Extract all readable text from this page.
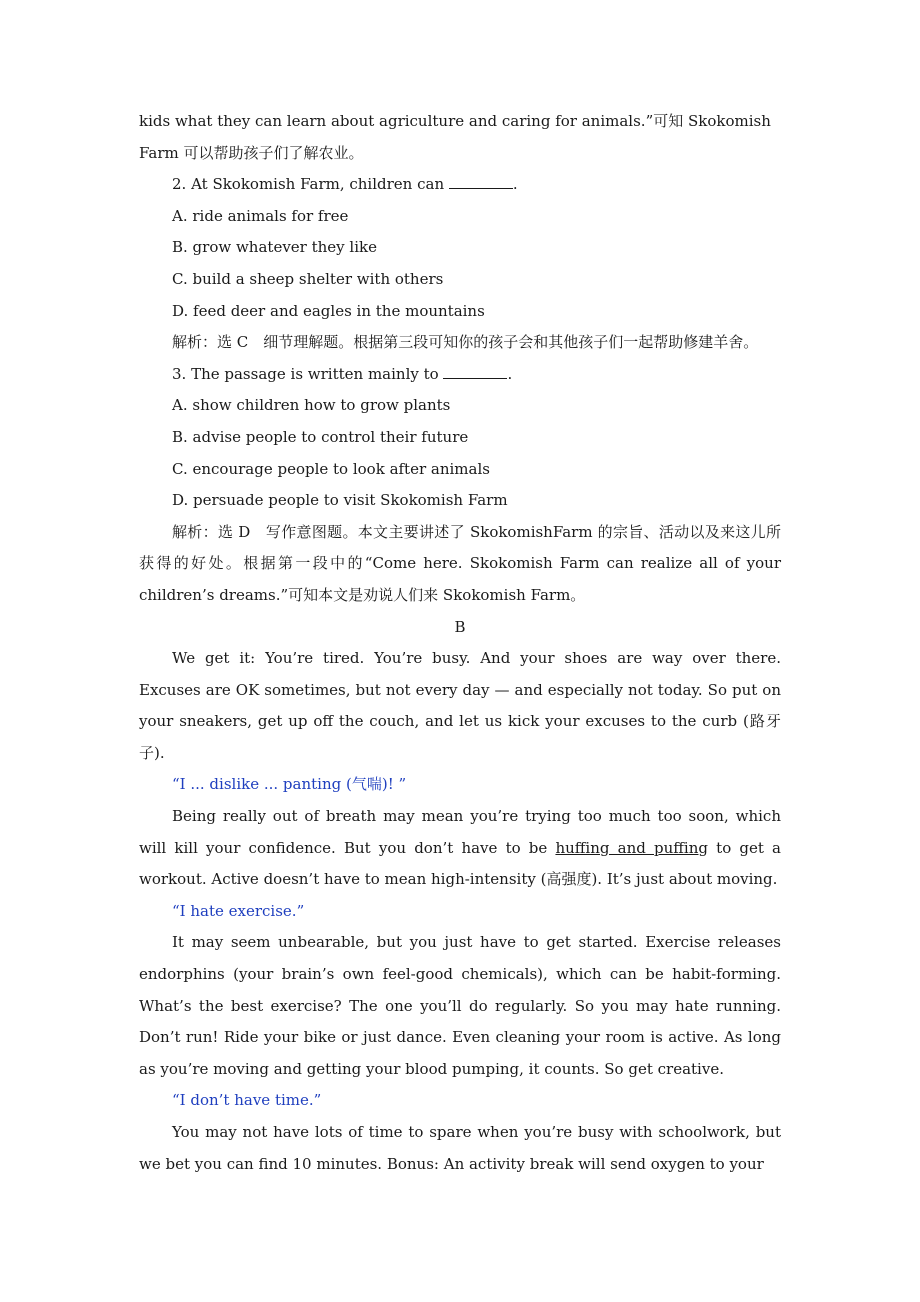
kids what they can learn about agriculture and caring for animals.”可知 Skokomish
Farm 可以帮助孩子们了解农业。

2. At Skokomish Farm, children can	.

A. ride animals for free

B. grow whatever they like

C. build a sheep shelter with others

D. feed deer and eagles in the mountains

解析：选 C　细节理解题。根据第三段可知你的孩子会和其他孩子们一起帮助修建羊舍。

3. The passage is written mainly to	.

A. show children how to grow plants

B. advise people to control their future

C. encourage people to look after animals

D. persuade people to visit Skokomish Farm

解析：选 D　写作意图题。本文主要讲述了 SkokomishFarm 的宗旨、活动以及来这儿所获得的好处。根据第一段中的“Come here. Skokomish Farm can realize all of your children’s dreams.”可知本文是劝说人们来 Skokomish Farm。

B

We get it: You’re tired. You’re busy. And your shoes are way over there. Excuses are OK sometimes, but not every day — and especially not today. So put on your sneakers, get up off the couch, and let us kick your excuses to the curb (路牙子).

“I ... dislike ... panting (气喘)! ”

Being really out of breath may mean you’re trying too much too soon, which will kill your confidence. But you don’t have to be huffing and puffing to get a workout. Active doesn’t have to mean high-intensity (高强度). It’s just about moving.

“I hate exercise.”

It may seem unbearable, but you just have to get started. Exercise releases endorphins (your brain’s own feel-good chemicals), which can be habit-forming. What’s the best exercise? The one you’ll do regularly. So you may hate running. Don’t run! Ride your bike or just dance. Even cleaning your room is active. As long as you’re moving and getting your blood pumping, it counts. So get creative.

“I don’t have time.”

You may not have lots of time to spare when you’re busy with schoolwork, but we bet you can find 10 minutes. Bonus: An activity break will send oxygen to your
